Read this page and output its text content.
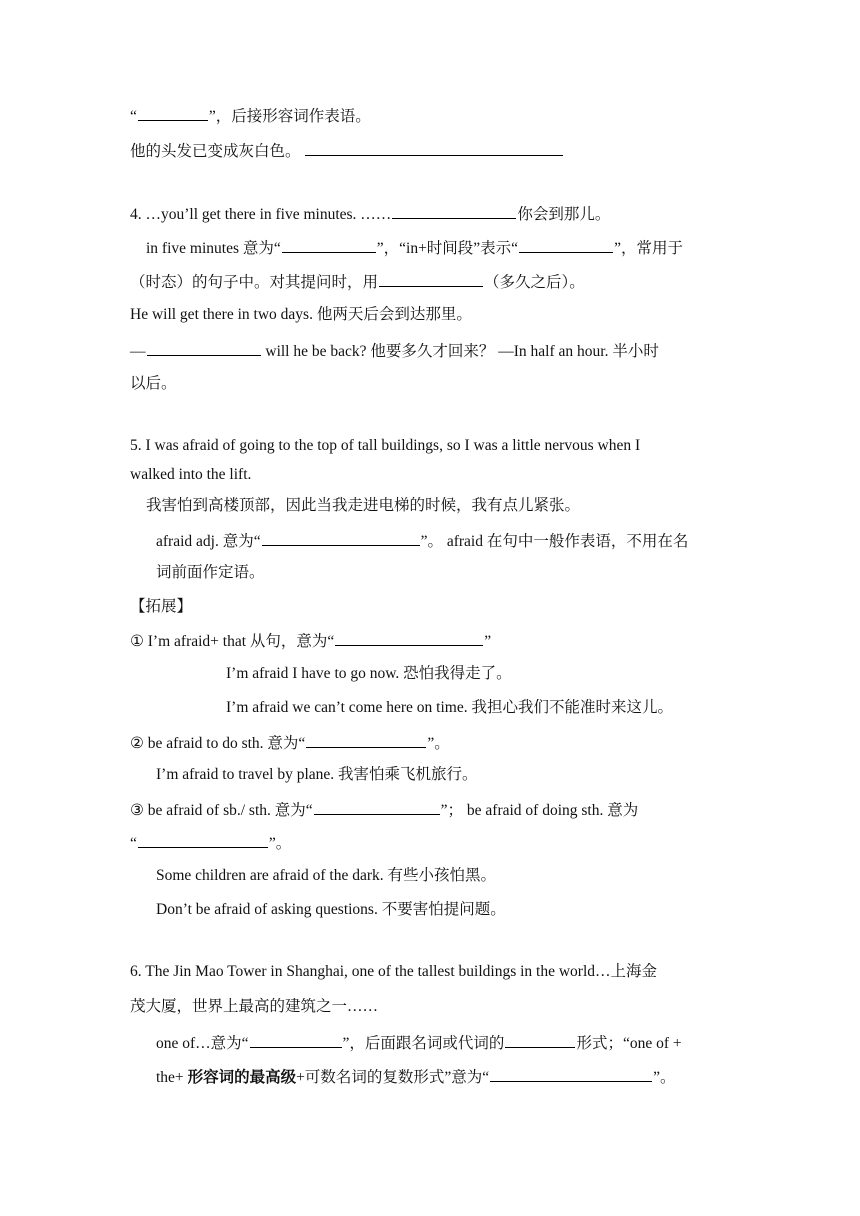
“	”，后接形容词作表语。
他的头发已变成灰白色。
4. …you’ll get there in five minutes. ……	你会到那儿。
in five minutes 意为“	”，“in+时间段”表示“	”，常用于
（时态）的句子中。对其提问时，用	（多久之后）。
He will get there in two days. 他两天后会到达那里。
—	will he be back? 他要多久才回来？ —In half an hour. 半小时
以后。
5. I was afraid of going to the top of tall buildings, so I was a little nervous when I
walked into the lift.
我害怕到高楼顶部，因此当我走进电梯的时候，我有点儿紧张。
afraid adj. 意为“	”。 afraid 在句中一般作表语，不用在名
词前面作定语。
【拓展】
① I’m afraid+ that 从句，意为“	”
I’m afraid I have to go now. 恐怕我得走了。
I’m afraid we can’t come here on time. 我担心我们不能准时来这儿。
② be afraid to do sth. 意为“	”。
I’m afraid to travel by plane. 我害怕乘飞机旅行。
③ be afraid of sb./ sth. 意为“	”； be afraid of doing sth. 意为
“	”。
Some children are afraid of the dark. 有些小孩怕黑。
Don’t be afraid of asking questions. 不要害怕提问题。
6. The Jin Mao Tower in Shanghai, one of the tallest buildings in the world…上海金
茂大厦，世界上最高的建筑之一……
one of…意为“	”，后面跟名词或代词的	形式；“one of +
the+ 形容词的最高级+可数名词的复数形式”意为“	”。
